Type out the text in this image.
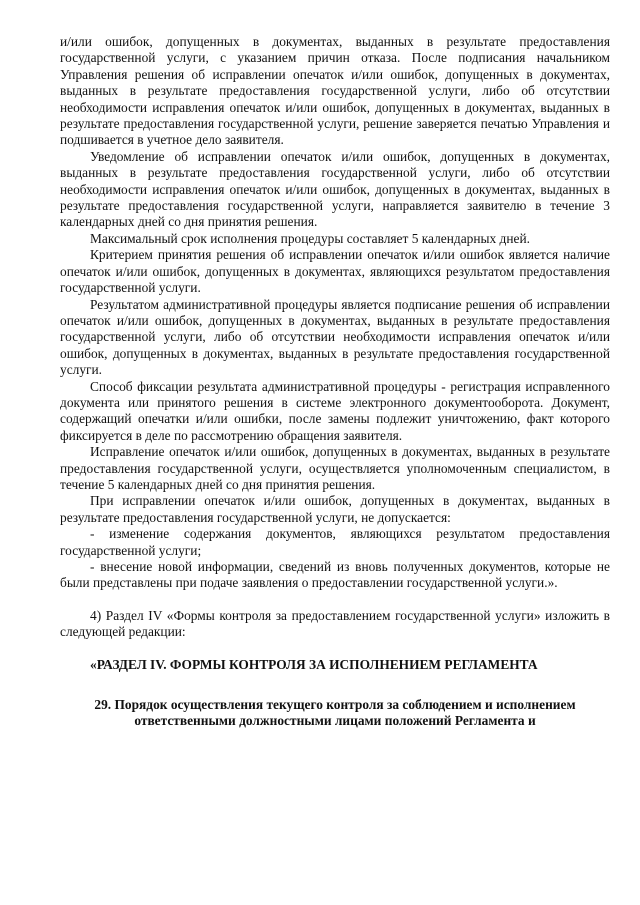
и/или ошибок, допущенных в документах, выданных в результате предоставления государственной услуги, с указанием причин отказа. После подписания начальником Управления решения об исправлении опечаток и/или ошибок, допущенных в документах, выданных в результате предоставления государственной услуги, либо об отсутствии необходимости исправления опечаток и/или ошибок, допущенных в документах, выданных в результате предоставления государственной услуги, решение заверяется печатью Управления и подшивается в учетное дело заявителя.

Уведомление об исправлении опечаток и/или ошибок, допущенных в документах, выданных в результате предоставления государственной услуги, либо об отсутствии необходимости исправления опечаток и/или ошибок, допущенных в документах, выданных в результате предоставления государственной услуги, направляется заявителю в течение 3 календарных дней со дня принятия решения.

Максимальный срок исполнения процедуры составляет 5 календарных дней.

Критерием принятия решения об исправлении опечаток и/или ошибок является наличие опечаток и/или ошибок, допущенных в документах, являющихся результатом предоставления государственной услуги.

Результатом административной процедуры является подписание решения об исправлении опечаток и/или ошибок, допущенных в документах, выданных в результате предоставления государственной услуги, либо об отсутствии необходимости исправления опечаток и/или ошибок, допущенных в документах, выданных в результате предоставления государственной услуги.

Способ фиксации результата административной процедуры - регистрация исправленного документа или принятого решения в системе электронного документооборота. Документ, содержащий опечатки и/или ошибки, после замены подлежит уничтожению, факт которого фиксируется в деле по рассмотрению обращения заявителя.

Исправление опечаток и/или ошибок, допущенных в документах, выданных в результате предоставления государственной услуги, осуществляется уполномоченным специалистом, в течение 5 календарных дней со дня принятия решения.

При исправлении опечаток и/или ошибок, допущенных в документах, выданных в результате предоставления государственной услуги, не допускается:

- изменение содержания документов, являющихся результатом предоставления государственной услуги;

- внесение новой информации, сведений из вновь полученных документов, которые не были представлены при подаче заявления о предоставлении государственной услуги.».

4) Раздел IV «Формы контроля за предоставлением государственной услуги» изложить в следующей редакции:

«РАЗДЕЛ IV. ФОРМЫ КОНТРОЛЯ ЗА ИСПОЛНЕНИЕМ РЕГЛАМЕНТА

29. Порядок осуществления текущего контроля за соблюдением и исполнением ответственными должностными лицами положений Регламента и
